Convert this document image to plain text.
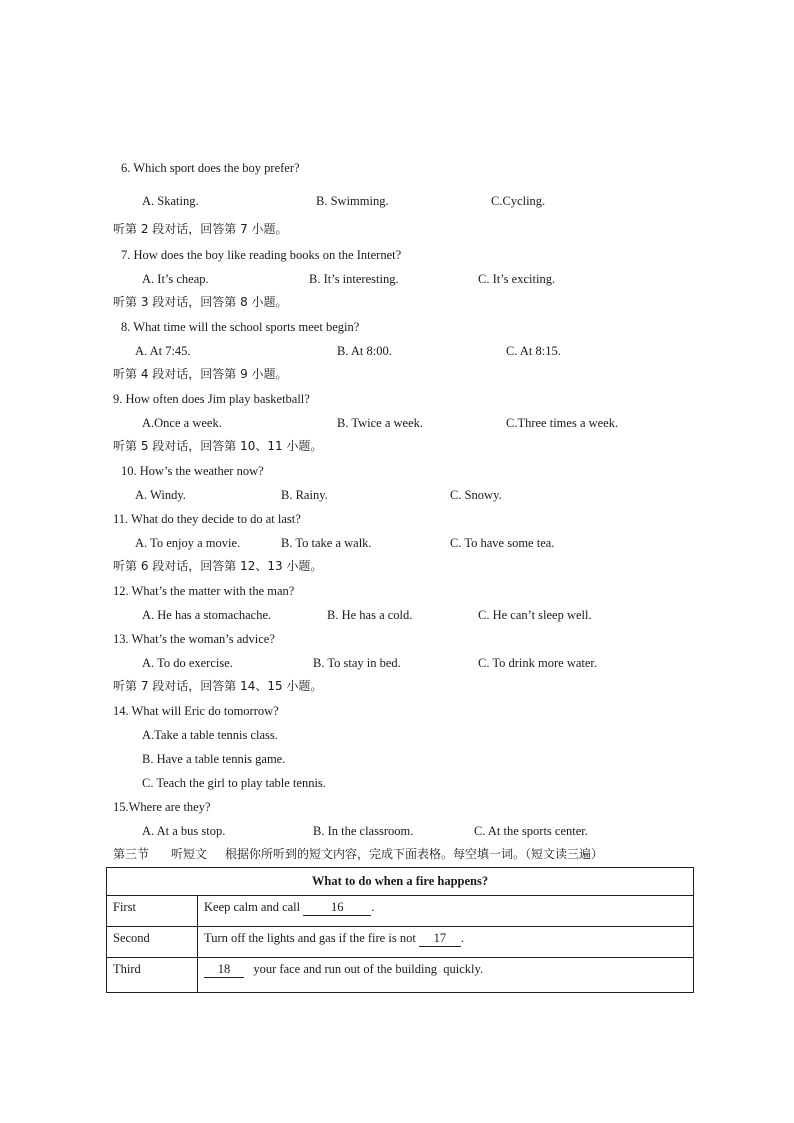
6. Which sport does the boy prefer?
A. Skating.	B. Swimming.	C.Cycling.
听第 2 段对话，回答第 7 小题。
7. How does the boy like reading books on the Internet?
A. It’s cheap.	B. It’s interesting.	C. It’s exciting.
听第 3 段对话，回答第 8 小题。
8. What time will the school sports meet begin?
A. At 7:45.	B. At 8:00.	C. At 8:15.
听第 4 段对话，回答第 9 小题。
9. How often does Jim play basketball?
A.Once a week.	B. Twice a week.	C.Three times a week.
听第 5 段对话，回答第 10、11 小题。
10. How’s the weather now?
A. Windy.	B. Rainy.	C. Snowy.
11. What do they decide to do at last?
A. To enjoy a movie.	B. To take a walk.	C. To have some tea.
听第 6 段对话，回答第 12、13 小题。
12. What’s the matter with the man?
A. He has a stomachache.	B. He has a cold.	C. He can’t sleep well.
13. What’s the woman’s advice?
A. To do exercise.	B. To stay in bed.	C. To drink more water.
听第 7 段对话，回答第 14、15 小题。
14. What will Eric do tomorrow?
A.Take a table tennis class.
B. Have a table tennis game.
C. Teach the girl to play table tennis.
15.Where are they?
A. At a bus stop.	B. In the classroom.	C. At the sports center.
第三节 听短文 根据你所听到的短文内容，完成下面表格。每空填一词。（短文读三遍）
What to do when a fire happens?	
First	Keep calm and call 16 .
Second	Turn off the lights and gas if the fire is not 17 .
Third	18   your face and run out of the building  quickly.
